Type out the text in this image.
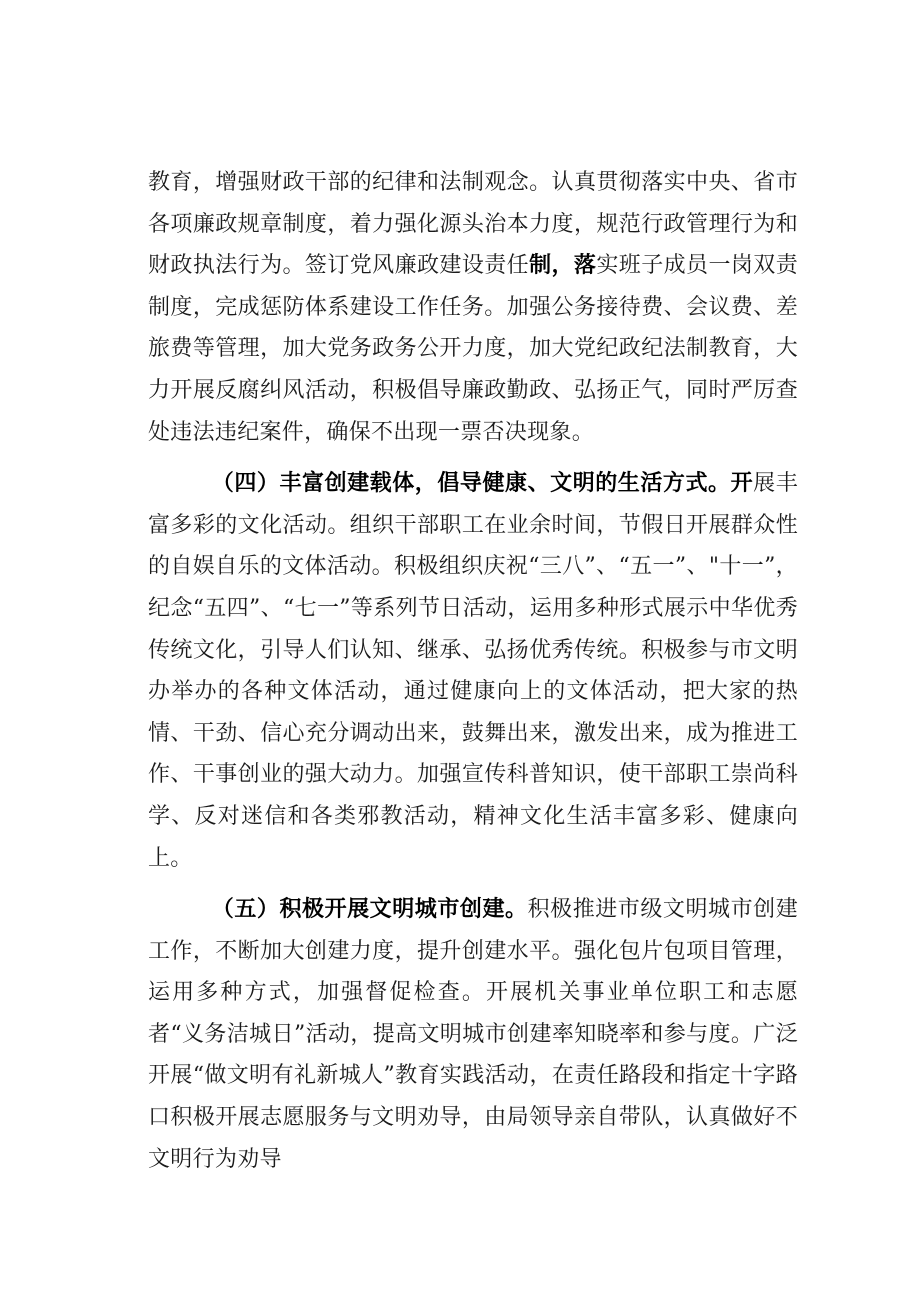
教育，增强财政干部的纪律和法制观念。认真贯彻落实中央、省市各项廉政规章制度，着力强化源头治本力度，规范行政管理行为和财政执法行为。签订党风廉政建设责任制，落实班子成员一岗双责制度，完成惩防体系建设工作任务。加强公务接待费、会议费、差旅费等管理，加大党务政务公开力度，加大党纪政纪法制教育，大力开展反腐纠风活动，积极倡导廉政勤政、弘扬正气，同时严厉查处违法违纪案件，确保不出现一票否决现象。

（四）丰富创建载体，倡导健康、文明的生活方式。开展丰富多彩的文化活动。组织干部职工在业余时间，节假日开展群众性的自娱自乐的文体活动。积极组织庆祝“三八”、“五一”、"十一”，纪念“五四”、“七一”等系列节日活动，运用多种形式展示中华优秀传统文化，引导人们认知、继承、弘扬优秀传统。积极参与市文明办举办的各种文体活动，通过健康向上的文体活动，把大家的热情、干劲、信心充分调动出来，鼓舞出来，激发出来，成为推进工作、干事创业的强大动力。加强宣传科普知识，使干部职工崇尚科学、反对迷信和各类邪教活动，精神文化生活丰富多彩、健康向上。

（五）积极开展文明城市创建。积极推进市级文明城市创建工作，不断加大创建力度，提升创建水平。强化包片包项目管理，运用多种方式，加强督促检查。开展机关事业单位职工和志愿者“义务洁城日”活动，提高文明城市创建率知晓率和参与度。广泛开展“做文明有礼新城人”教育实践活动，在责任路段和指定十字路口积极开展志愿服务与文明劝导，由局领导亲自带队，认真做好不文明行为劝导
